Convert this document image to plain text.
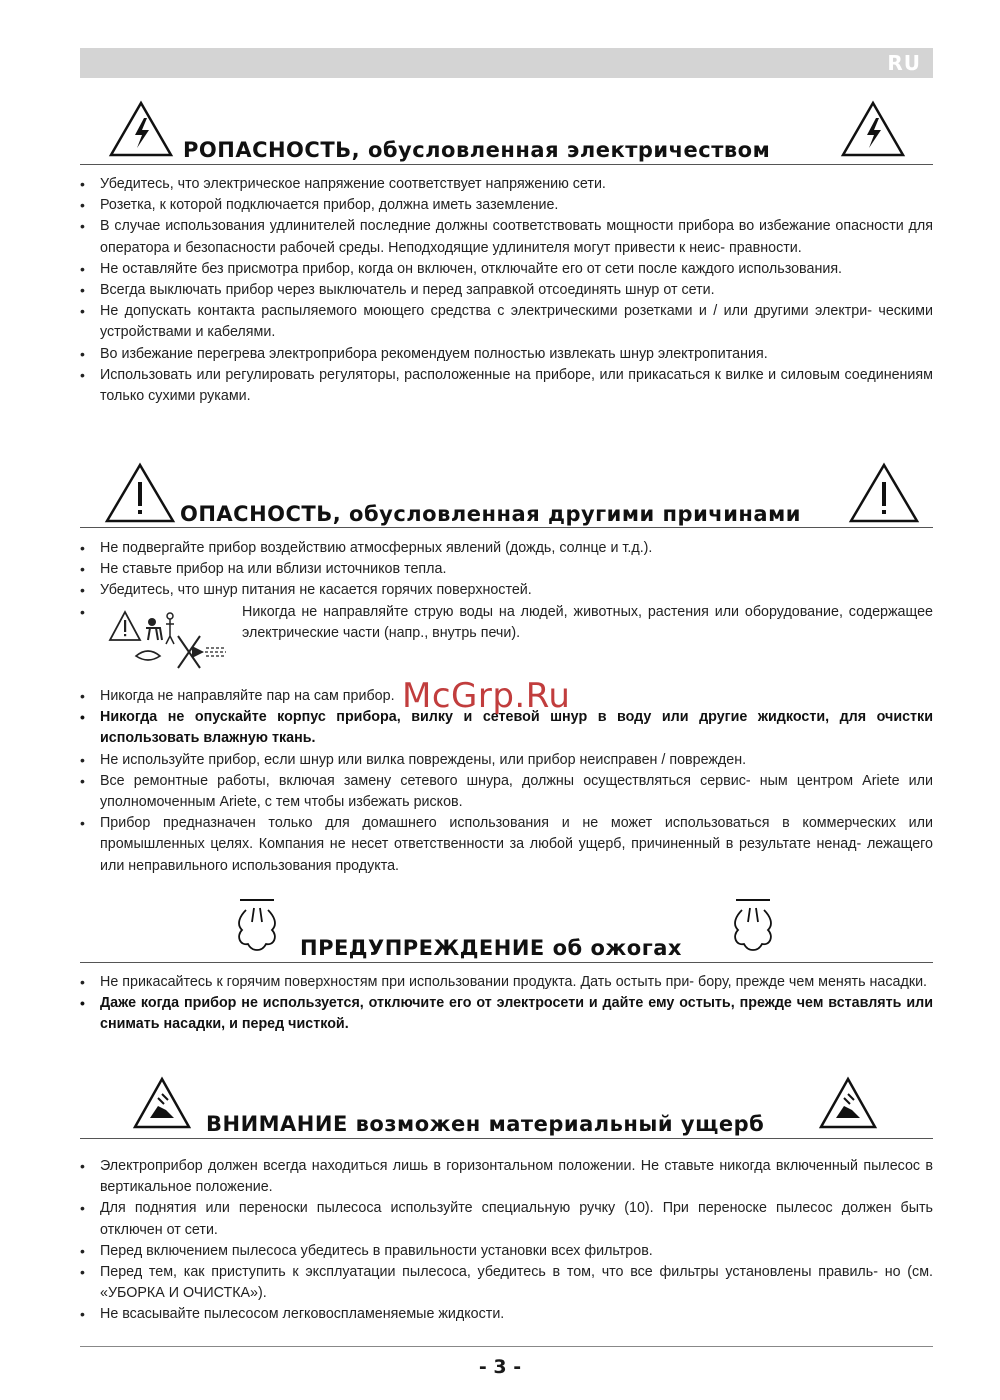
RU
РОПАСНОСТЬ, обусловленная электричеством
• Убедитесь, что электрическое напряжение соответствует напряжению сети.
• Розетка, к которой подключается прибор, должна иметь заземление.
• В случае использования удлинителей последние должны соответствовать мощности прибора во избежание опасности для оператора и безопасности рабочей среды. Неподходящие удлинителя могут привести к неис- правности.
• Не оставляйте без присмотра прибор, когда он включен, отключайте его от сети после каждого использования.
• Всегда выключать прибор через выключатель и перед заправкой отсоединять шнур от сети.
• Не допускать контакта распыляемого моющего средства с электрическими розетками и / или другими электри- ческими устройствами и кабелями.
• Во избежание перегрева электроприбора рекомендуем полностью извлекать шнур электропитания.
• Использовать или регулировать регуляторы, расположенные на приборе, или прикасаться к вилке и силовым соединениям только сухими руками.
ОПАСНОСТЬ, обусловленная другими причинами
• Не подвергайте прибор воздействию атмосферных явлений (дождь, солнце и т.д.).
• Не ставьте прибор на или вблизи источников тепла.
• Убедитесь, что шнур питания не касается горячих поверхностей.
• Никогда не направляйте струю воды на людей, животных, растения или оборудование, содержащее электрические части (напр., внутрь печи).
• Никогда не направляйте пар на сам прибор.
• Никогда не опускайте корпус прибора, вилку и сетевой шнур в воду или другие жидкости, для очистки использовать влажную ткань.
• Не используйте прибор, если шнур или вилка повреждены, или прибор неисправен / поврежден.
• Все ремонтные работы, включая замену сетевого шнура, должны осуществляться сервис- ным центром Ariete или уполномоченным Ariete, с тем чтобы избежать рисков.
• Прибор предназначен только для домашнего использования и не может использоваться в коммерческих или промышленных целях. Компания не несет ответственности за любой ущерб, причиненный в результате ненад- лежащего или неправильного использования продукта.
McGrp.Ru
ПРЕДУПРЕЖДЕНИЕ об ожогах
• Не прикасайтесь к горячим поверхностям при использовании продукта. Дать остыть при- бору, прежде чем менять насадки.
• Даже когда прибор не используется, отключите его от электросети и дайте ему остыть, прежде чем вставлять или снимать насадки, и перед чисткой.
ВНИМАНИЕ возможен материальный ущерб
• Электроприбор должен всегда находиться лишь в горизонтальном положении. Не ставьте никогда включенный пылесос в вертикальное положение.
• Для поднятия или переноски пылесоса используйте специальную ручку (10). При переноске пылесос должен быть отключен от сети.
• Перед включением пылесоса убедитесь в правильности установки всех фильтров.
• Перед тем, как приступить к эксплуатации пылесоса, убедитесь в том, что все фильтры установлены правиль- но (см. «УБОРКА И ОЧИСТКА»).
• Не всасывайте пылесосом легковоспламеняемые жидкости.
- 3 -
